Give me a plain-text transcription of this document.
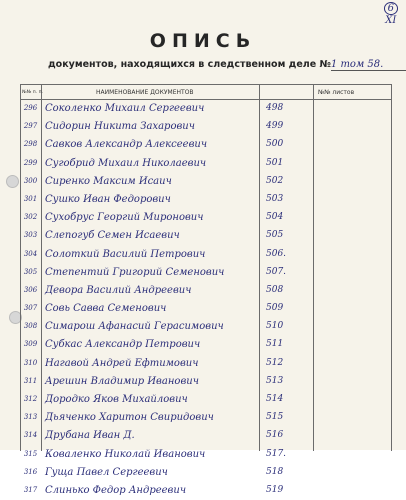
6
XI
ОПИСЬ
документов, находящихся в следственном деле №1 том 58.
№№ п. п.	НАИМЕНОВАНИЕ ДОКУМЕНТОВ	№№ листов
296 Соколенко Михаил Сергеевич	498
297 Сидорин Никита Захарович	499
298 Савков Александр Алексеевич	500
299 Сугобрид Михаил Николаевич	501
300 Сиренко Максим Исаич	502
301 Сушко Иван Федорович	503
302 Сухобрус Георгий Миронович	504
303 Слепогуб Семен Исаевич	505
304 Солоткий Василий Петрович	506.
305 Степентий Григорий Семенович	507.
306 Девора Василий Андреевич	508
307 Совь Савва Семенович	509
308 Симарош Афанасий Герасимович	510
309 Субкас Александр Петрович	511
310 Нагавой Андрей Ефтимович	512
311 Арешин Владимир Иванович	513
312 Дородко Яков Михайлович	514
313 Дьяченко Харитон Свиридович	515
314 Друбана Иван Д.	516
315 Коваленко Николай Иванович	517.
316 Гуща Павел Сергеевич	518
317 Слинько Федор Андреевич	519
